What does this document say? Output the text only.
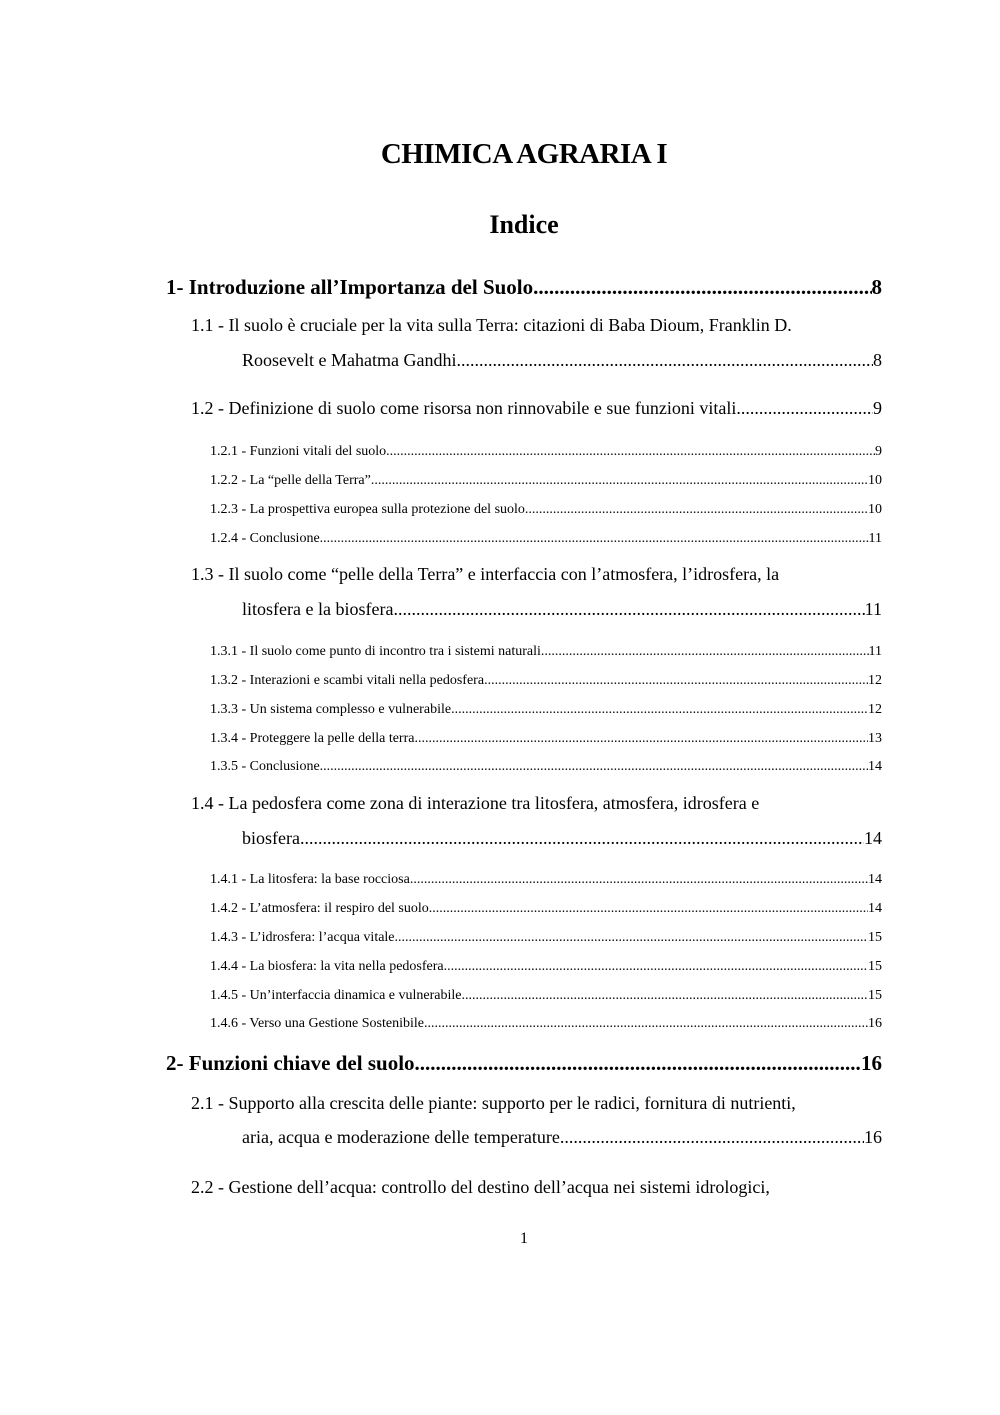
CHIMICA AGRARIA I
Indice
1- Introduzione all’Importanza del Suolo .....	8
1.1 - Il suolo è cruciale per la vita sulla Terra: citazioni di Baba Dioum, Franklin D.
Roosevelt e Mahatma Gandhi .....	8
1.2 - Definizione di suolo come risorsa non rinnovabile e sue funzioni vitali .....	9
1.2.1 - Funzioni vitali del suolo .....	9
1.2.2 - La “pelle della Terra” .....	10
1.2.3 - La prospettiva europea sulla protezione del suolo .....	10
1.2.4 - Conclusione .....	11
1.3 - Il suolo come “pelle della Terra” e interfaccia con l’atmosfera, l’idrosfera, la
litosfera e la biosfera .....	11
1.3.1 - Il suolo come punto di incontro tra i sistemi naturali .....	11
1.3.2 - Interazioni e scambi vitali nella pedosfera .....	12
1.3.3 - Un sistema complesso e vulnerabile .....	12
1.3.4 - Proteggere la pelle della terra .....	13
1.3.5 - Conclusione .....	14
1.4 - La pedosfera come zona di interazione tra litosfera, atmosfera, idrosfera e
biosfera .....	14
1.4.1 - La litosfera: la base rocciosa .....	14
1.4.2 - L’atmosfera: il respiro del suolo .....	14
1.4.3 - L’idrosfera: l’acqua vitale .....	15
1.4.4 - La biosfera: la vita nella pedosfera .....	15
1.4.5 - Un’interfaccia dinamica e vulnerabile .....	15
1.4.6 - Verso una Gestione Sostenibile .....	16
2- Funzioni chiave del suolo .....	16
2.1 - Supporto alla crescita delle piante: supporto per le radici, fornitura di nutrienti,
aria, acqua e moderazione delle temperature .....	16
2.2 - Gestione dell’acqua: controllo del destino dell’acqua nei sistemi idrologici,
1
